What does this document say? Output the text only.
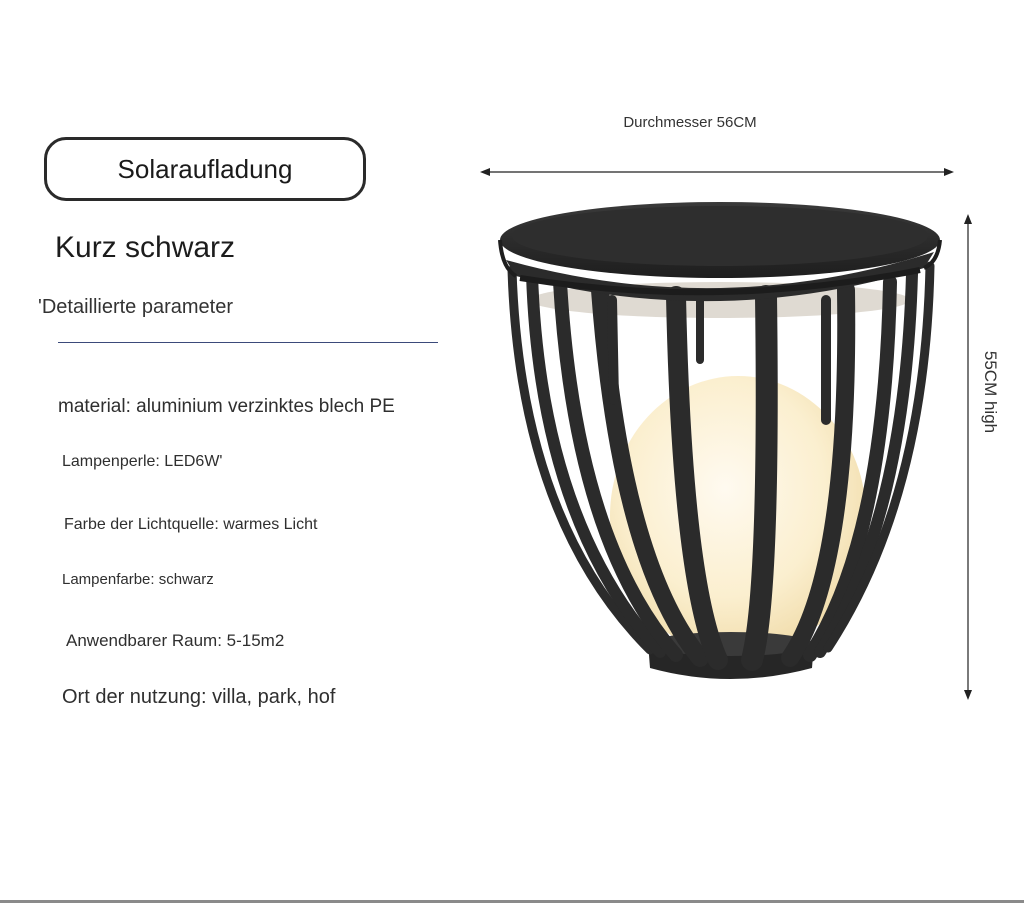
Solaraufladung
Kurz schwarz
'Detaillierte parameter
material: aluminium verzinktes blech PE
Lampenperle: LED6W'
Farbe der Lichtquelle: warmes Licht
Lampenfarbe: schwarz
Anwendbarer Raum: 5-15m2
Ort der nutzung: villa, park, hof
Durchmesser 56CM
55CM high
